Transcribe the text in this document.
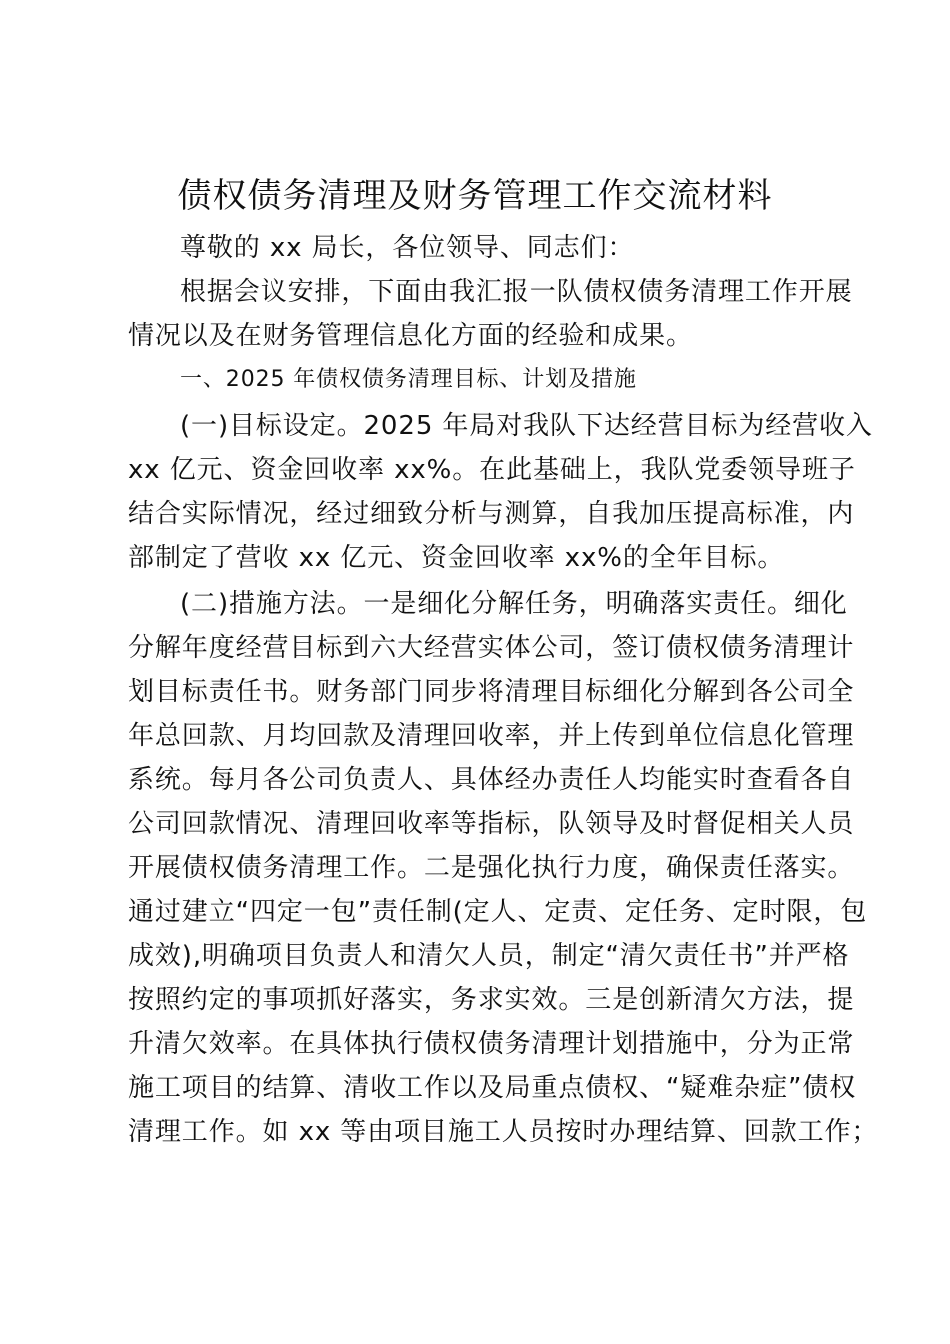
债权债务清理及财务管理工作交流材料
尊敬的 xx 局长，各位领导、同志们：
根据会议安排，下面由我汇报一队债权债务清理工作开展
情况以及在财务管理信息化方面的经验和成果。
一、2025 年债权债务清理目标、计划及措施
(一)目标设定。2025 年局对我队下达经营目标为经营收入
xx 亿元、资金回收率 xx%。在此基础上，我队党委领导班子
结合实际情况，经过细致分析与测算，自我加压提高标准，内
部制定了营收 xx 亿元、资金回收率 xx%的全年目标。
(二)措施方法。一是细化分解任务，明确落实责任。细化
分解年度经营目标到六大经营实体公司，签订债权债务清理计
划目标责任书。财务部门同步将清理目标细化分解到各公司全
年总回款、月均回款及清理回收率，并上传到单位信息化管理
系统。每月各公司负责人、具体经办责任人均能实时查看各自
公司回款情况、清理回收率等指标，队领导及时督促相关人员
开展债权债务清理工作。二是强化执行力度，确保责任落实。
通过建立“四定一包”责任制(定人、定责、定任务、定时限，包
成效),明确项目负责人和清欠人员，制定“清欠责任书”并严格
按照约定的事项抓好落实，务求实效。三是创新清欠方法，提
升清欠效率。在具体执行债权债务清理计划措施中，分为正常
施工项目的结算、清收工作以及局重点债权、“疑难杂症”债权
清理工作。如 xx 等由项目施工人员按时办理结算、回款工作；
